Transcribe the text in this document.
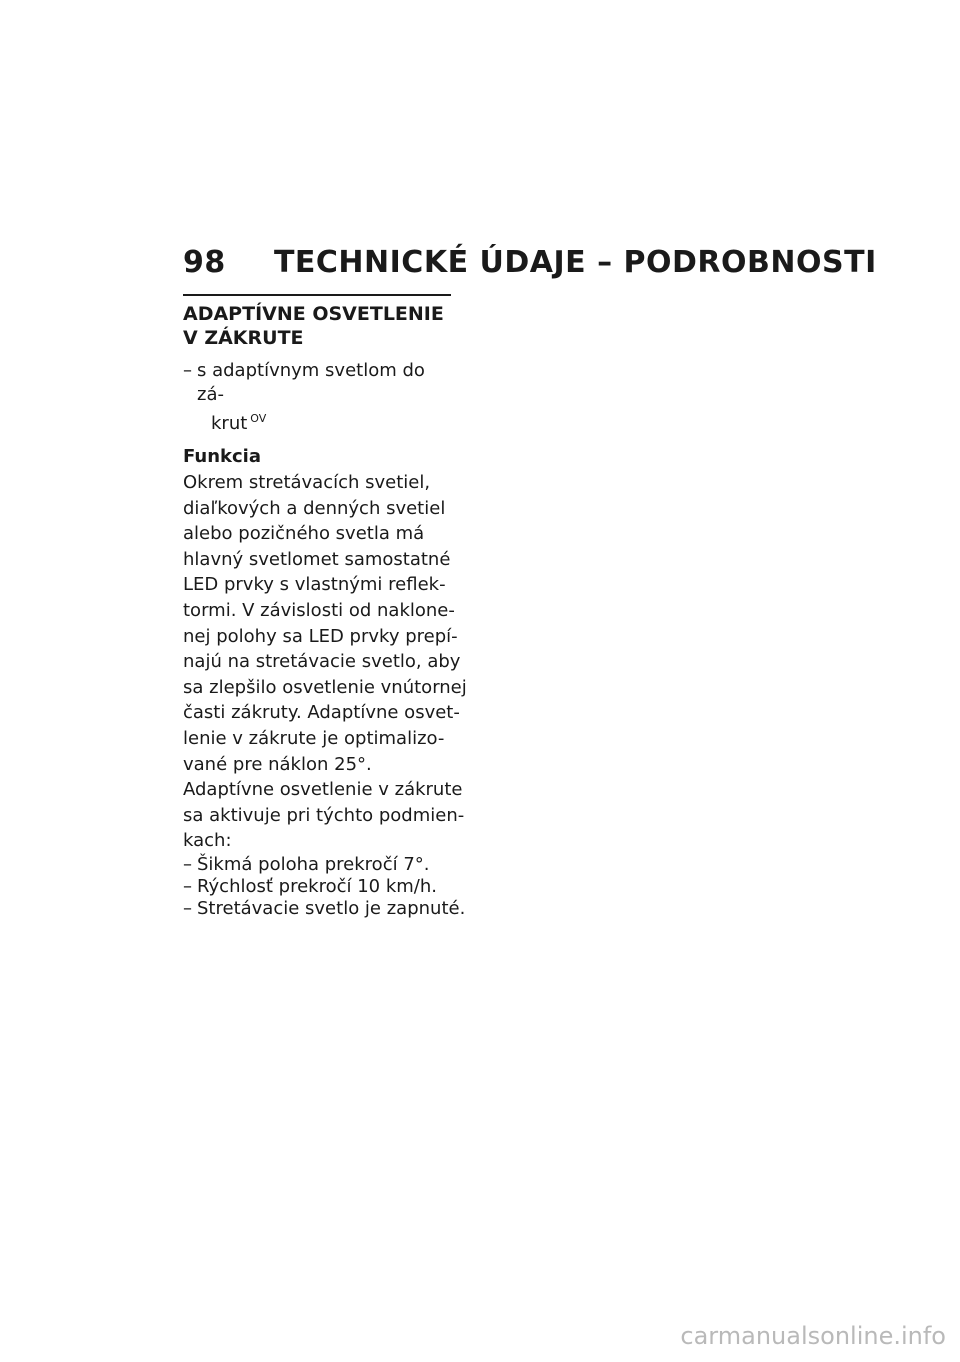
98 TECHNICKÉ ÚDAJE – PODROBNOSTI
ADAPTÍVNE OSVETLENIE
V ZÁKRUTE
– s adaptívnym svetlom do zá-
krut $^{OV}$
Funkcia

Okrem stretávacích svetiel,
diaľkových a denných svetiel
alebo pozičného svetla má
hlavný svetlomet samostatné
LED prvky s vlastnými reflek-
tormi. V závislosti od naklone-
nej polohy sa LED prvky prepí-
najú na stretávacie svetlo, aby
sa zlepšilo osvetlenie vnútornej
časti zákruty. Adaptívne osvet-
lenie v zákrute je optimalizo-
vané pre náklon 25°.

Adaptívne osvetlenie v zákrute
sa aktivuje pri týchto podmien-
kach:

– Šikmá poloha prekročí 7°.
– Rýchlosť prekročí 10 km/h.
– Stretávacie svetlo je zapnuté.
carmanualsonline.info
